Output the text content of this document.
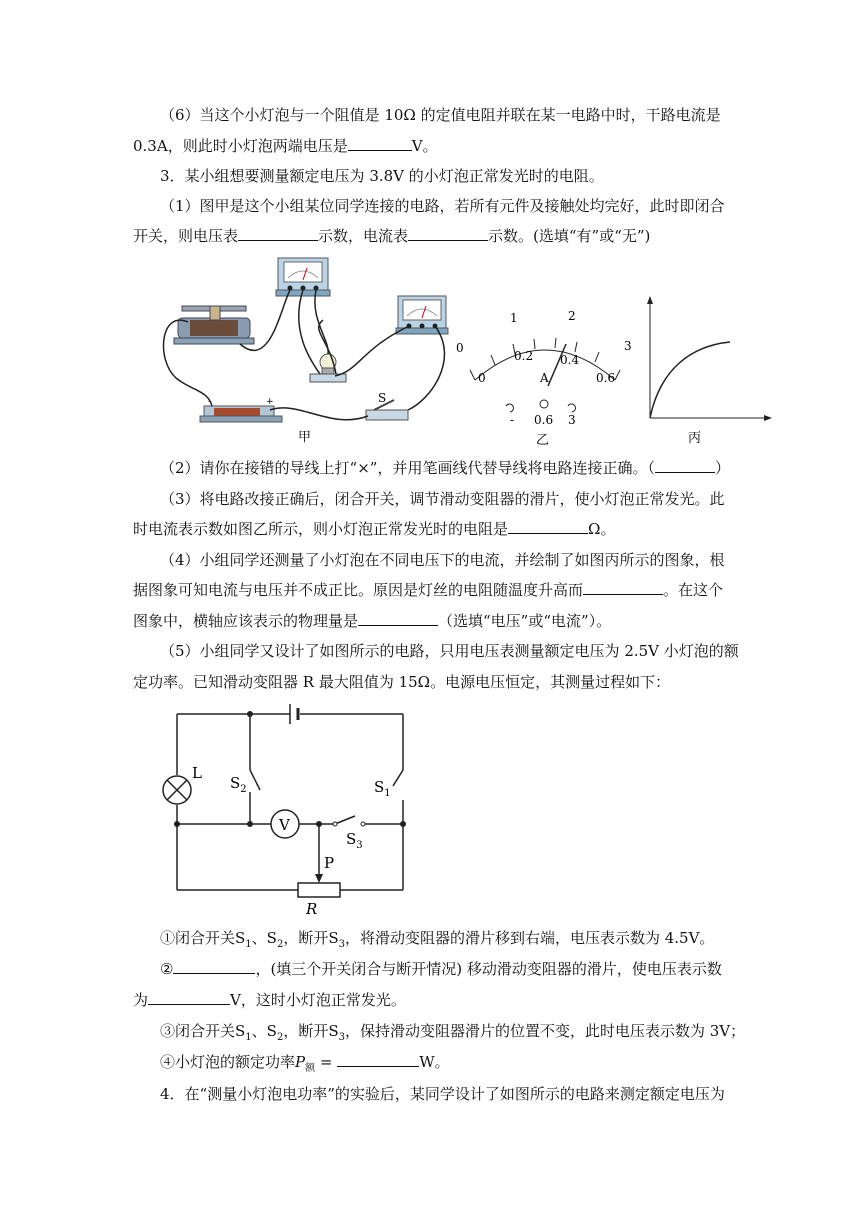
（6）当这个小灯泡与一个阻值是 10Ω 的定值电阻并联在某一电路中时，干路电流是
0.3A，则此时小灯泡两端电压是	V。
3．某小组想要测量额定电压为 3.8V 的小灯泡正常发光时的电阻。
（1）图甲是这个小组某位同学连接的电路，若所有元件及接触处均完好，此时即闭合
开关，则电压表	示数，电流表	示数。(选填“有”或“无”)
-	+	S
甲
0
1	2
3
0
0.2 0.4
0.6
A
- 0.6 3
乙	丙
（2）请你在接错的导线上打“×”，并用笔画线代替导线将电路连接正确。（	）
（3）将电路改接正确后，闭合开关，调节滑动变阻器的滑片，使小灯泡正常发光。此
时电流表示数如图乙所示，则小灯泡正常发光时的电阻是	Ω。
（4）小组同学还测量了小灯泡在不同电压下的电流，并绘制了如图丙所示的图象，根
据图象可知电流与电压并不成正比。原因是灯丝的电阻随温度升高而	。在这个
图象中，横轴应该表示的物理量是	（选填“电压”或“电流”）。
（5）小组同学又设计了如图所示的电路，只用电压表测量额定电压为 2.5V 小灯泡的额
定功率。已知滑动变阻器 R 最大阻值为 15Ω。电源电压恒定，其测量过程如下：
L
V
$S_2$	$S_1$
$S_3$
P
R
①闭合开关$S_1$、$S_2$，断开$S_3$，将滑动变阻器的滑片移到右端，电压表示数为 4.5V。
②	，(填三个开关闭合与断开情况) 移动滑动变阻器的滑片，使电压表示数
为	V，这时小灯泡正常发光。
③闭合开关$S_1$、$S_2$，断开$S_3$，保持滑动变阻器滑片的位置不变，此时电压表示数为 3V；
④小灯泡的额定功率$P_额$ =	W。
4．在“测量小灯泡电功率”的实验后，某同学设计了如图所示的电路来测定额定电压为
